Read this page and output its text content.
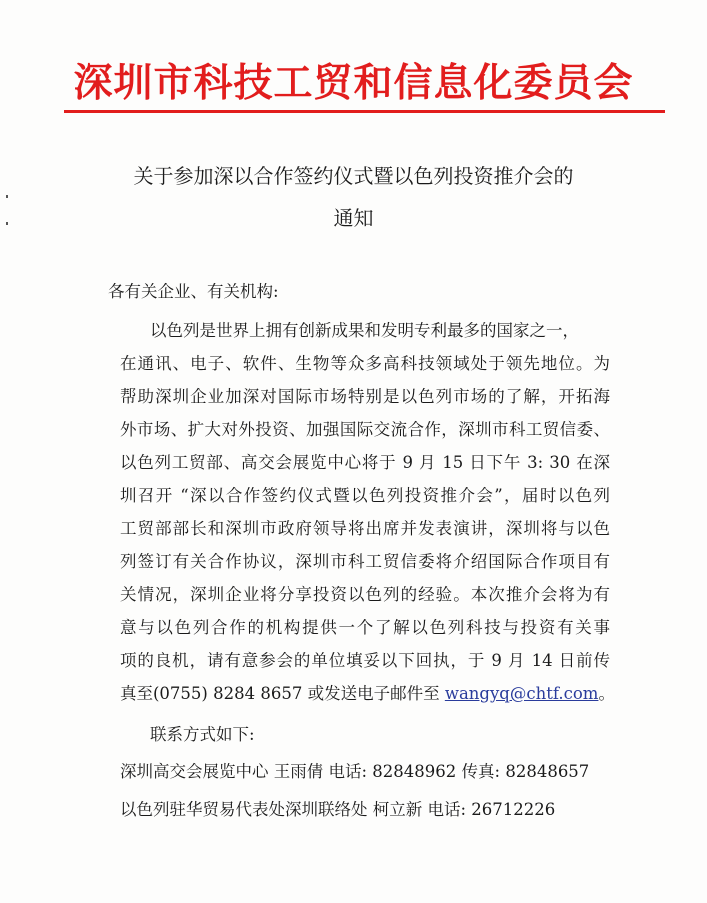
深圳市科技工贸和信息化委员会
关于参加深以合作签约仪式暨以色列投资推介会的
通知
各有关企业、有关机构:
以色列是世界上拥有创新成果和发明专利最多的国家之一，
在通讯、电子、软件、生物等众多高科技领域处于领先地位。为
帮助深圳企业加深对国际市场特别是以色列市场的了解，开拓海
外市场、扩大对外投资、加强国际交流合作，深圳市科工贸信委、
以色列工贸部、高交会展览中心将于 9 月 15 日下午 3: 30 在深
圳召开 “深以合作签约仪式暨以色列投资推介会”，届时以色列
工贸部部长和深圳市政府领导将出席并发表演讲，深圳将与以色
列签订有关合作协议，深圳市科工贸信委将介绍国际合作项目有
关情况，深圳企业将分享投资以色列的经验。本次推介会将为有
意与以色列合作的机构提供一个了解以色列科技与投资有关事
项的良机，请有意参会的单位填妥以下回执，于 9 月 14 日前传
真至(0755) 8284 8657 或发送电子邮件至 wangyq@chtf.com。
联系方式如下:
深圳高交会展览中心 王雨倩 电话: 82848962 传真: 82848657
以色列驻华贸易代表处深圳联络处 柯立新 电话: 26712226
